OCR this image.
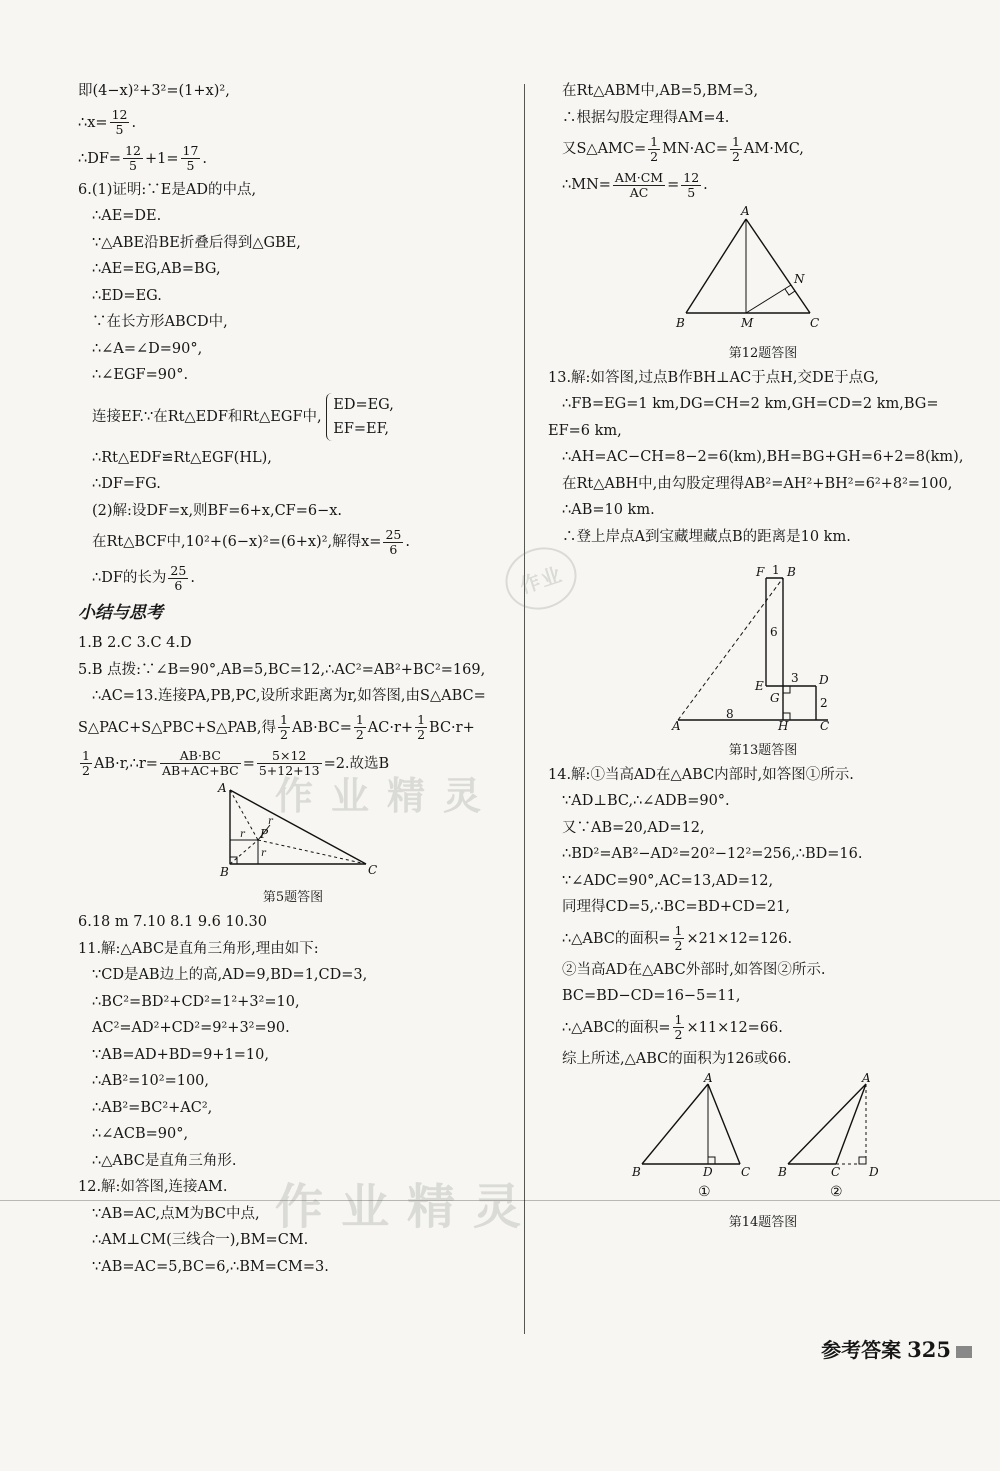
即(4−x)²+3²=(1+x)²,
∴x= $\frac{12}{5}$ .
∴DF= $\frac{12}{5} +1= \frac{17}{5}$ .
6.(1)证明:∵E是AD的中点,
∴AE=DE.
∵△ABE沿BE折叠后得到△GBE,
∴AE=EG,AB=BG,
∴ED=EG.
∵在长方形ABCD中,
∴∠A=∠D=90°,
∴∠EGF=90°.
连接EF.∵在Rt△EDF和Rt△EGF中,
ED=EG,
EF=EF,
∴Rt△EDF≌Rt△EGF(HL),
∴DF=FG.
(2)解:设DF=x,则BF=6+x,CF=6−x.
在Rt△BCF中,10²+(6−x)²=(6+x)²,解得$x= \frac{25}{6}$ .
∴DF的长为 $\frac{25}{6}$ .
小结与思考
1.B 2.C 3.C 4.D
5.B 点拨:∵∠B=90°,AB=5,BC=12,∴AC²=AB²+BC²=169,
∴AC=13.连接PA,PB,PC,设所求距离为r,如答图,由S△ABC=
S△PAC+S△PBC+S△PAB,得 $\frac{1}{2} AB\cdot BC= \frac{1}{2} AC\cdot r+ \frac{1}{2} BC\cdot r+$
$\frac{1}{2}$ AB·r,∴r= $\frac{AB\cdot BC}{AB+AC+BC} = \frac{5\times 12}{5+12+13} =2$.故选B
A
B	C
P
r
r
r
第5题答图
6.18 m 7.10 8.1 9.6 10.30
11.解:△ABC是直角三角形,理由如下:
∵CD是AB边上的高,AD=9,BD=1,CD=3,
∴BC²=BD²+CD²=1²+3²=10,
AC²=AD²+CD²=9²+3²=90.
∵AB=AD+BD=9+1=10,
∴AB²=10²=100,
∴AB²=BC²+AC²,
∴∠ACB=90°,
∴△ABC是直角三角形.
12.解:如答图,连接AM.
∵AB=AC,点M为BC中点,
∴AM⊥CM(三线合一),BM=CM.
∵AB=AC=5,BC=6,∴BM=CM=3.
在Rt△ABM中,AB=5,BM=3,
∴根据勾股定理得AM=4.
又S△AMC= $\frac{1}{2} MN\cdot AC= \frac{1}{2} AM\cdot MC$,
∴MN= $\frac{AM\cdot CM}{AC} = \frac{12}{5}$ .
A
B	M	C
N
第12题答图
13.解:如答图,过点B作BH⊥AC于点H,交DE于点G,
∴FB=EG=1 km,DG=CH=2 km,GH=CD=2 km,BG=
EF=6 km,
∴AH=AC−CH=8−2=6(km),BH=BG+GH=6+2=8(km),
在Rt△ABH中,由勾股定理得AB²=AH²+BH²=6²+8²=100,
∴AB=10 km.
∴登上岸点A到宝藏埋藏点B的距离是10 km.
F 1 B
6
E
3 D
G	2
A
8
H	C
第13题答图
14.解:①当高AD在△ABC内部时,如答图①所示.
∵AD⊥BC,∴∠ADB=90°.
又∵AB=20,AD=12,
∴BD²=AB²−AD²=20²−12²=256,∴BD=16.
∵∠ADC=90°,AC=13,AD=12,
同理得CD=5,∴BC=BD+CD=21,
∴△ABC的面积= $\frac{1}{2} \times 21\times 12=126$.
②当高AD在△ABC外部时,如答图②所示.
BC=BD−CD=16−5=11,
∴△ABC的面积= $\frac{1}{2} \times 11\times 12=66$.
综上所述,△ABC的面积为126或66.
A
B	D C
①
A
B	C D
②
第14题答图
作业精灵
作业精灵
作业
参考答案 325
